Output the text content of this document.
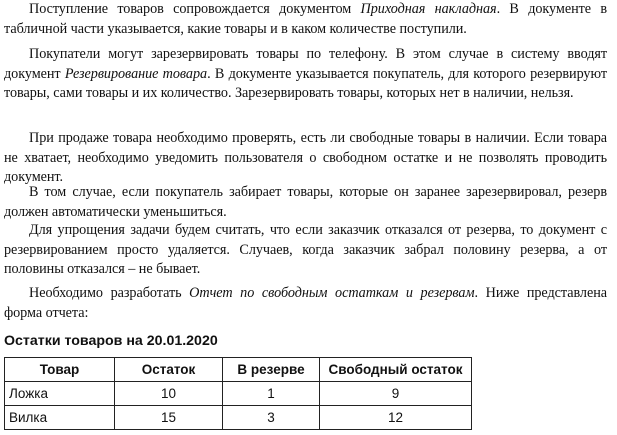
Поступление товаров сопровождается документом Приходная накладная. В документе в табличной части указывается, какие товары и в каком количестве поступили.

Покупатели могут зарезервировать товары по телефону. В этом случае в систему вводят документ Резервирование товара. В документе указывается покупатель, для которого резервируют товары, сами товары и их количество. Зарезервировать товары, которых нет в наличии, нельзя.

При продаже товара необходимо проверять, есть ли свободные товары в наличии. Если товара не хватает, необходимо уведомить пользователя о свободном остатке и не позволять проводить документ.

В том случае, если покупатель забирает товары, которые он заранее зарезервировал, резерв должен автоматически уменьшиться.

Для упрощения задачи будем считать, что если заказчик отказался от резерва, то документ с резервированием просто удаляется. Случаев, когда заказчик забрал половину резерва, а от половины отказался – не бывает.

Необходимо разработать Отчет по свободным остаткам и резервам. Ниже представлена форма отчета:

Остатки товаров на 20.01.2020
Товар	Остаток	В резерве	Свободный остаток
Ложка	10	1	9
Вилка	15	3	12
